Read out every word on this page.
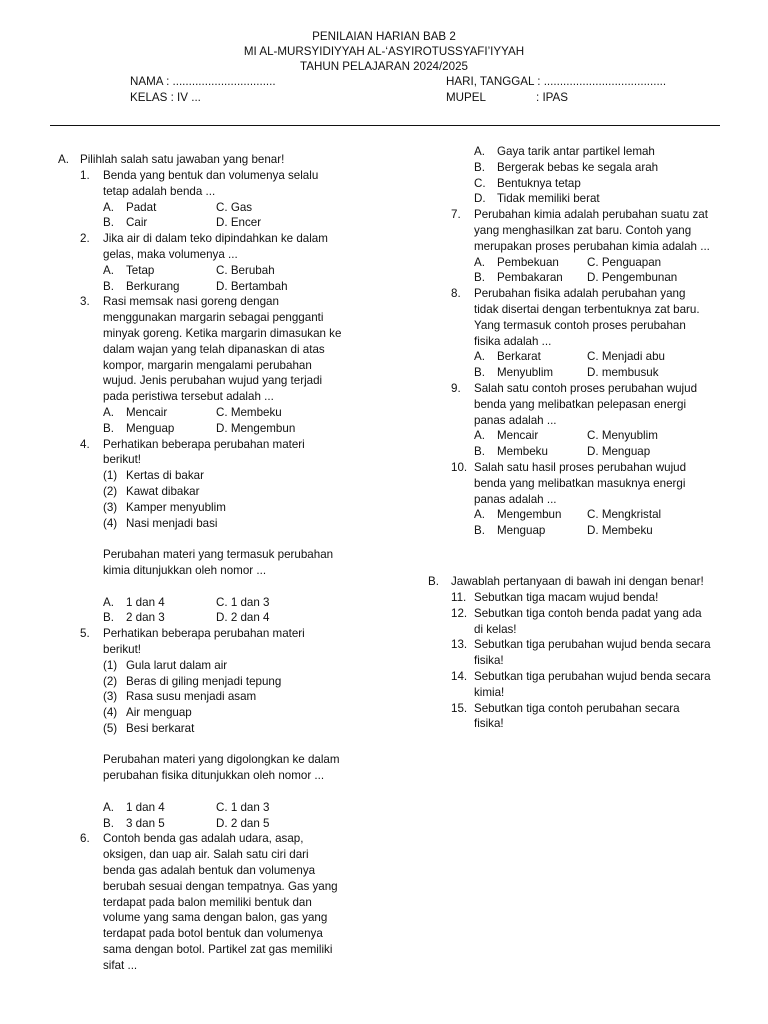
PENILAIAN HARIAN BAB 2
MI AL-MURSYIDIYYAH AL-‘ASYIROTUSSYAFI’IYYAH
TAHUN PELAJARAN 2024/2025
NAMA : ................................
KELAS : IV ...
HARI, TANGGAL : ......................................
MUPEL	: IPAS
A. Pilihlah salah satu jawaban yang benar!
1. Benda yang bentuk dan volumenya selalu
tetap adalah benda ...
A. Padat	C. Gas
B. Cair	D. Encer
2. Jika air di dalam teko dipindahkan ke dalam
gelas, maka volumenya ...
A. Tetap	C. Berubah
B. Berkurang	D. Bertambah
3. Rasi memsak nasi goreng dengan
menggunakan margarin sebagai pengganti
minyak goreng. Ketika margarin dimasukan ke
dalam wajan yang telah dipanaskan di atas
kompor, margarin mengalami perubahan
wujud. Jenis perubahan wujud yang terjadi
pada peristiwa tersebut adalah ...
A. Mencair	C. Membeku
B. Menguap	D. Mengembun
4. Perhatikan beberapa perubahan materi
berikut!
(1) Kertas di bakar
(2) Kawat dibakar
(3) Kamper menyublim
(4) Nasi menjadi basi
Perubahan materi yang termasuk perubahan
kimia ditunjukkan oleh nomor ...
A. 1 dan 4	C. 1 dan 3
B. 2 dan 3	D. 2 dan 4
5. Perhatikan beberapa perubahan materi
berikut!
(1) Gula larut dalam air
(2) Beras di giling menjadi tepung
(3) Rasa susu menjadi asam
(4) Air menguap
(5) Besi berkarat
Perubahan materi yang digolongkan ke dalam
perubahan fisika ditunjukkan oleh nomor ...
A. 1 dan 4	C. 1 dan 3
B. 3 dan 5	D. 2 dan 5
6. Contoh benda gas adalah udara, asap,
oksigen, dan uap air. Salah satu ciri dari
benda gas adalah bentuk dan volumenya
berubah sesuai dengan tempatnya. Gas yang
terdapat pada balon memiliki bentuk dan
volume yang sama dengan balon, gas yang
terdapat pada botol bentuk dan volumenya
sama dengan botol. Partikel zat gas memiliki
sifat ...
A. Gaya tarik antar partikel lemah
B. Bergerak bebas ke segala arah
C. Bentuknya tetap
D. Tidak memiliki berat
7. Perubahan kimia adalah perubahan suatu zat
yang menghasilkan zat baru. Contoh yang
merupakan proses perubahan kimia adalah ...
A. Pembekuan C. Penguapan
B. Pembakaran D. Pengembunan
8. Perubahan fisika adalah perubahan yang
tidak disertai dengan terbentuknya zat baru.
Yang termasuk contoh proses perubahan
fisika adalah ...
A. Berkarat	C. Menjadi abu
B. Menyublim	D. membusuk
9. Salah satu contoh proses perubahan wujud
benda yang melibatkan pelepasan energi
panas adalah ...
A. Mencair	C. Menyublim
B. Membeku	D. Menguap
10. Salah satu hasil proses perubahan wujud
benda yang melibatkan masuknya energi
panas adalah ...
A. Mengembun C. Mengkristal
B. Menguap	D. Membeku
B. Jawablah pertanyaan di bawah ini dengan benar!
11. Sebutkan tiga macam wujud benda!
12. Sebutkan tiga contoh benda padat yang ada
di kelas!
13. Sebutkan tiga perubahan wujud benda secara
fisika!
14. Sebutkan tiga perubahan wujud benda secara
kimia!
15. Sebutkan tiga contoh perubahan secara
fisika!
